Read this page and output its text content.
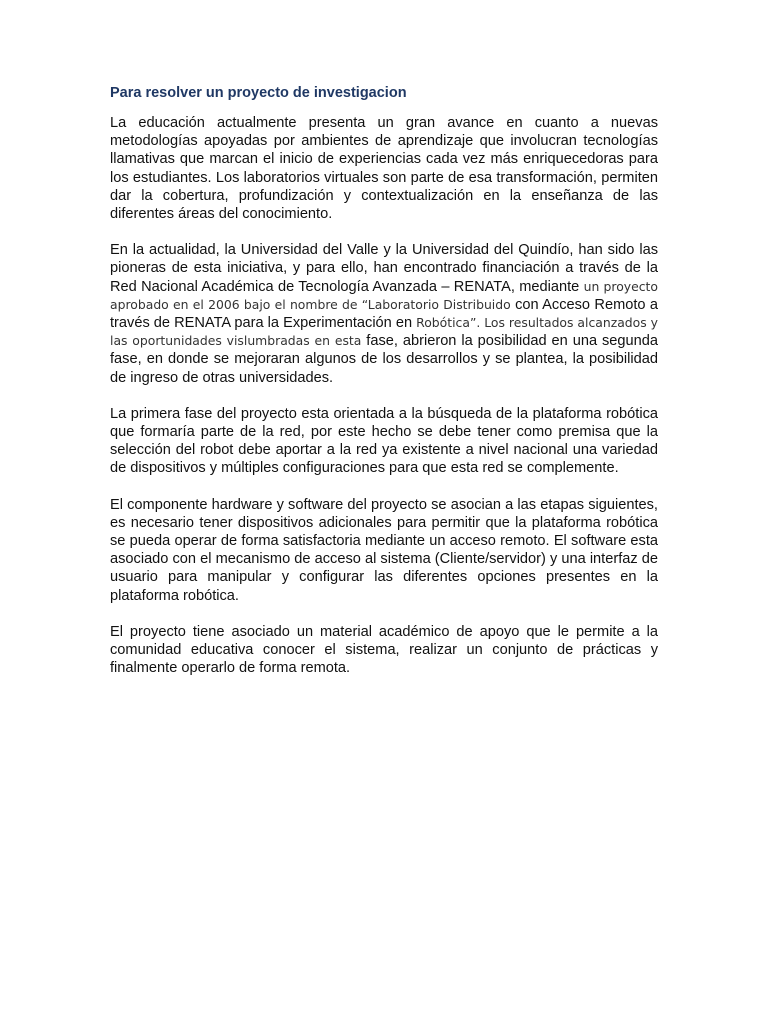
Para resolver un proyecto de investigacion

La educación actualmente presenta un gran avance en cuanto a nuevas metodologías apoyadas por ambientes de aprendizaje que involucran tecnologías llamativas que marcan el inicio de experiencias cada vez más enriquecedoras para los estudiantes. Los laboratorios virtuales son parte de esa transformación, permiten dar la cobertura, profundización y contextualización en la enseñanza de las diferentes áreas del conocimiento.

En la actualidad, la Universidad del Valle y la Universidad del Quindío, han sido las pioneras de esta iniciativa, y para ello, han encontrado financiación a través de la Red Nacional Académica de Tecnología Avanzada – RENATA, mediante un proyecto aprobado en el 2006 bajo el nombre de “Laboratorio Distribuido con Acceso Remoto a través de RENATA para la Experimentación en Robótica”. Los resultados alcanzados y las oportunidades vislumbradas en esta fase, abrieron la posibilidad en una segunda fase, en donde se mejoraran algunos de los desarrollos y se plantea, la posibilidad de ingreso de otras universidades.

La primera fase del proyecto esta orientada a la búsqueda de la plataforma robótica que formaría parte de la red, por este hecho se debe tener como premisa que la selección del robot debe aportar a la red ya existente a nivel nacional una variedad de dispositivos y múltiples configuraciones para que esta red se complemente.

El componente hardware y software del proyecto se asocian a las etapas siguientes, es necesario tener dispositivos adicionales para permitir que la plataforma robótica se pueda operar de forma satisfactoria mediante un acceso remoto. El software esta asociado con el mecanismo de acceso al sistema (Cliente/servidor) y una interfaz de usuario para manipular y configurar las diferentes opciones presentes en la plataforma robótica.

El proyecto tiene asociado un material académico de apoyo que le permite a la comunidad educativa conocer el sistema, realizar un conjunto de prácticas y finalmente operarlo de forma remota.
